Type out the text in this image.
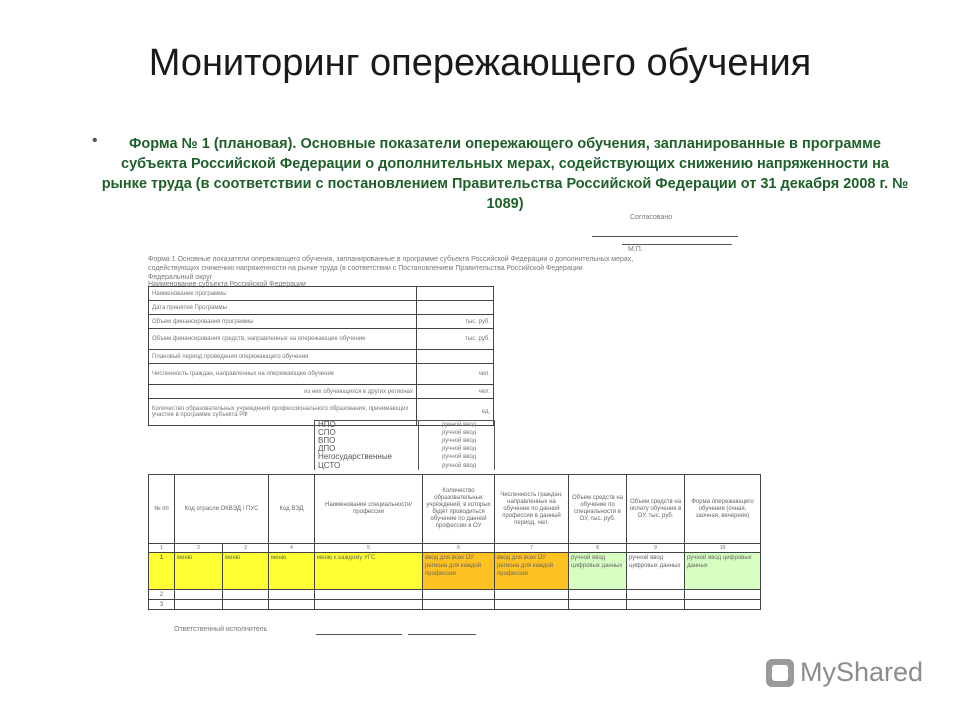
Мониторинг опережающего обучения
•	Форма № 1 (плановая). Основные показатели опережающего обучения, запланированные в программе субъекта Российской Федерации о дополнительных мерах, содействующих снижению напряженности на рынке труда (в соответствии с постановлением Правительства Российской Федерации от 31 декабря 2008 г. № 1089)
Согласовано
М.П.
Форма 1 Основные показатели опережающего обучения, запланированные в программе субъекта Российской Федерации о дополнительных мерах,
содействующих снижению напряженности на рынке труда (в соответствии с Постановлением Правительства Российской Федерации
Федеральный округ
Наименование субъекта Российской Федерации
Наименование программы	
Дата принятия Программы	
Объем финансирования программы	тыс. руб.
Объем финансирования средств, направленных на опережающее обучение	тыс. руб.
Плановый период проведения опережающего обучения	
Численность граждан, направленных на опережающее обучение	чел.
из них обучающихся в других регионах	чел.
Количество образовательных учреждений профессионального образования, принимающих участие в программе субъекта РФ	ед.
НПО	ручной ввод
СПО	ручной ввод
ВПО	ручной ввод
ДПО	ручной ввод
Негосударственные	ручной ввод
ЦСТО	ручной ввод
№ пп	Код отрасли ОКВЭД / ПУС		Код ВЭД	Наименование специальности/профессии	Количество образовательных учреждений, в которых будет проводиться обучение по данной профессии в ОУ	Численность граждан, направленных на обучение по данной профессии в данный период, чел.	Объем средств на обучение по специальности в ОУ, тыс. руб.	Объем средств на оплату обучения в ОУ, тыс. руб.	Форма опережающего обучения (очная, заочная, вечерняя)
1	2	3	4	5	6	7	8	9	10
1	меню	меню	меню	меню к каждому УГС	ввод для всех ОУ региона для каждой профессии	ввод для всех ОУ региона для каждой профессии	ручной ввод цифровых данных	ручной ввод цифровых данных	ручной ввод цифровых данных
2									
3									
Ответственный исполнитель
MyShared
